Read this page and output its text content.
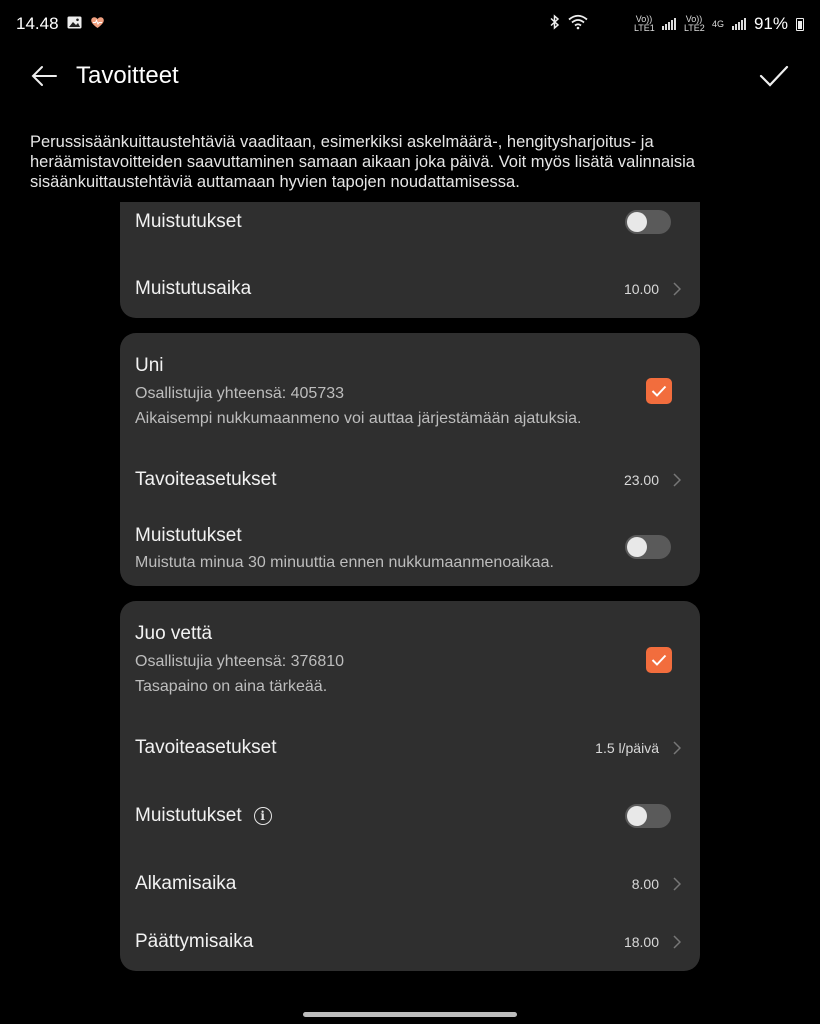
14.48	Vo)) LTE1
Vo)) LTE2 4G 91%
Tavoitteet
Perussisäänkuittaustehtäviä vaaditaan, esimerkiksi askelmäärä-, hengitysharjoitus- ja heräämistavoitteiden saavuttaminen samaan aikaan joka päivä. Voit myös lisätä valinnaisia sisäänkuittaustehtäviä auttamaan hyvien tapojen noudattamisessa.
Muistutukset
Muistutusaika	10.00
Uni
Osallistujia yhteensä: 405733
Aikaisempi nukkumaanmeno voi auttaa järjestämään ajatuksia.
Tavoiteasetukset	23.00
Muistutukset
Muistuta minua 30 minuuttia ennen nukkumaanmenoaikaa.
Juo vettä
Osallistujia yhteensä: 376810
Tasapaino on aina tärkeää.
Tavoiteasetukset	1.5 l/päivä
Muistutukset	i
Alkamisaika	8.00
Päättymisaika	18.00
